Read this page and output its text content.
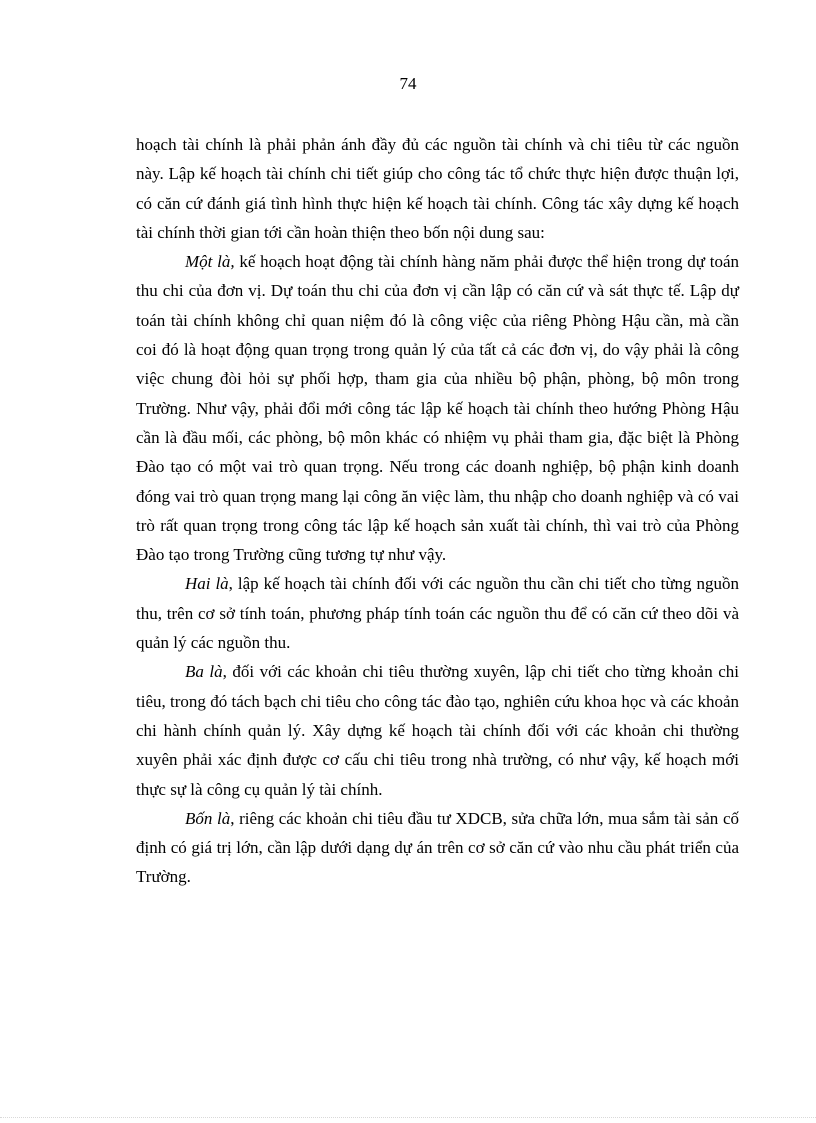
74

hoạch tài chính là phải phản ánh đầy đủ các nguồn tài chính và chi tiêu từ các nguồn này. Lập kế hoạch tài chính chi tiết giúp cho công tác tổ chức thực hiện được thuận lợi, có căn cứ đánh giá tình hình thực hiện kế hoạch tài chính. Công tác xây dựng kế hoạch tài chính thời gian tới cần hoàn thiện theo bốn nội dung sau:

Một là, kế hoạch hoạt động tài chính hàng năm phải được thể hiện trong dự toán thu chi của đơn vị. Dự toán thu chi của đơn vị cần lập có căn cứ và sát thực tế. Lập dự toán tài chính không chỉ quan niệm đó là công việc của riêng Phòng Hậu cần, mà cần coi đó là hoạt động quan trọng trong quản lý của tất cả các đơn vị, do vậy phải là công việc chung đòi hỏi sự phối hợp, tham gia của nhiều bộ phận, phòng, bộ môn trong Trường. Như vậy, phải đổi mới công tác lập kế hoạch tài chính theo hướng Phòng Hậu cần là đầu mối, các phòng, bộ môn khác có nhiệm vụ phải tham gia, đặc biệt là Phòng Đào tạo có một vai trò quan trọng. Nếu trong các doanh nghiệp, bộ phận kinh doanh đóng vai trò quan trọng mang lại công ăn việc làm, thu nhập cho doanh nghiệp và có vai trò rất quan trọng trong công tác lập kế hoạch sản xuất tài chính, thì vai trò của Phòng Đào tạo trong Trường cũng tương tự như vậy.

Hai là, lập kế hoạch tài chính đối với các nguồn thu cần chi tiết cho từng nguồn thu, trên cơ sở tính toán, phương pháp tính toán các nguồn thu để có căn cứ theo dõi và quản lý các nguồn thu.

Ba là, đối với các khoản chi tiêu thường xuyên, lập chi tiết cho từng khoản chi tiêu, trong đó tách bạch chi tiêu cho công tác đào tạo, nghiên cứu khoa học và các khoản chi hành chính quản lý. Xây dựng kế hoạch tài chính đối với các khoản chi thường xuyên phải xác định được cơ cấu chi tiêu trong nhà trường, có như vậy, kế hoạch mới thực sự là công cụ quản lý tài chính.

Bốn là, riêng các khoản chi tiêu đầu tư XDCB, sửa chữa lớn, mua sắm tài sản cố định có giá trị lớn, cần lập dưới dạng dự án trên cơ sở căn cứ vào nhu cầu phát triển của Trường.
